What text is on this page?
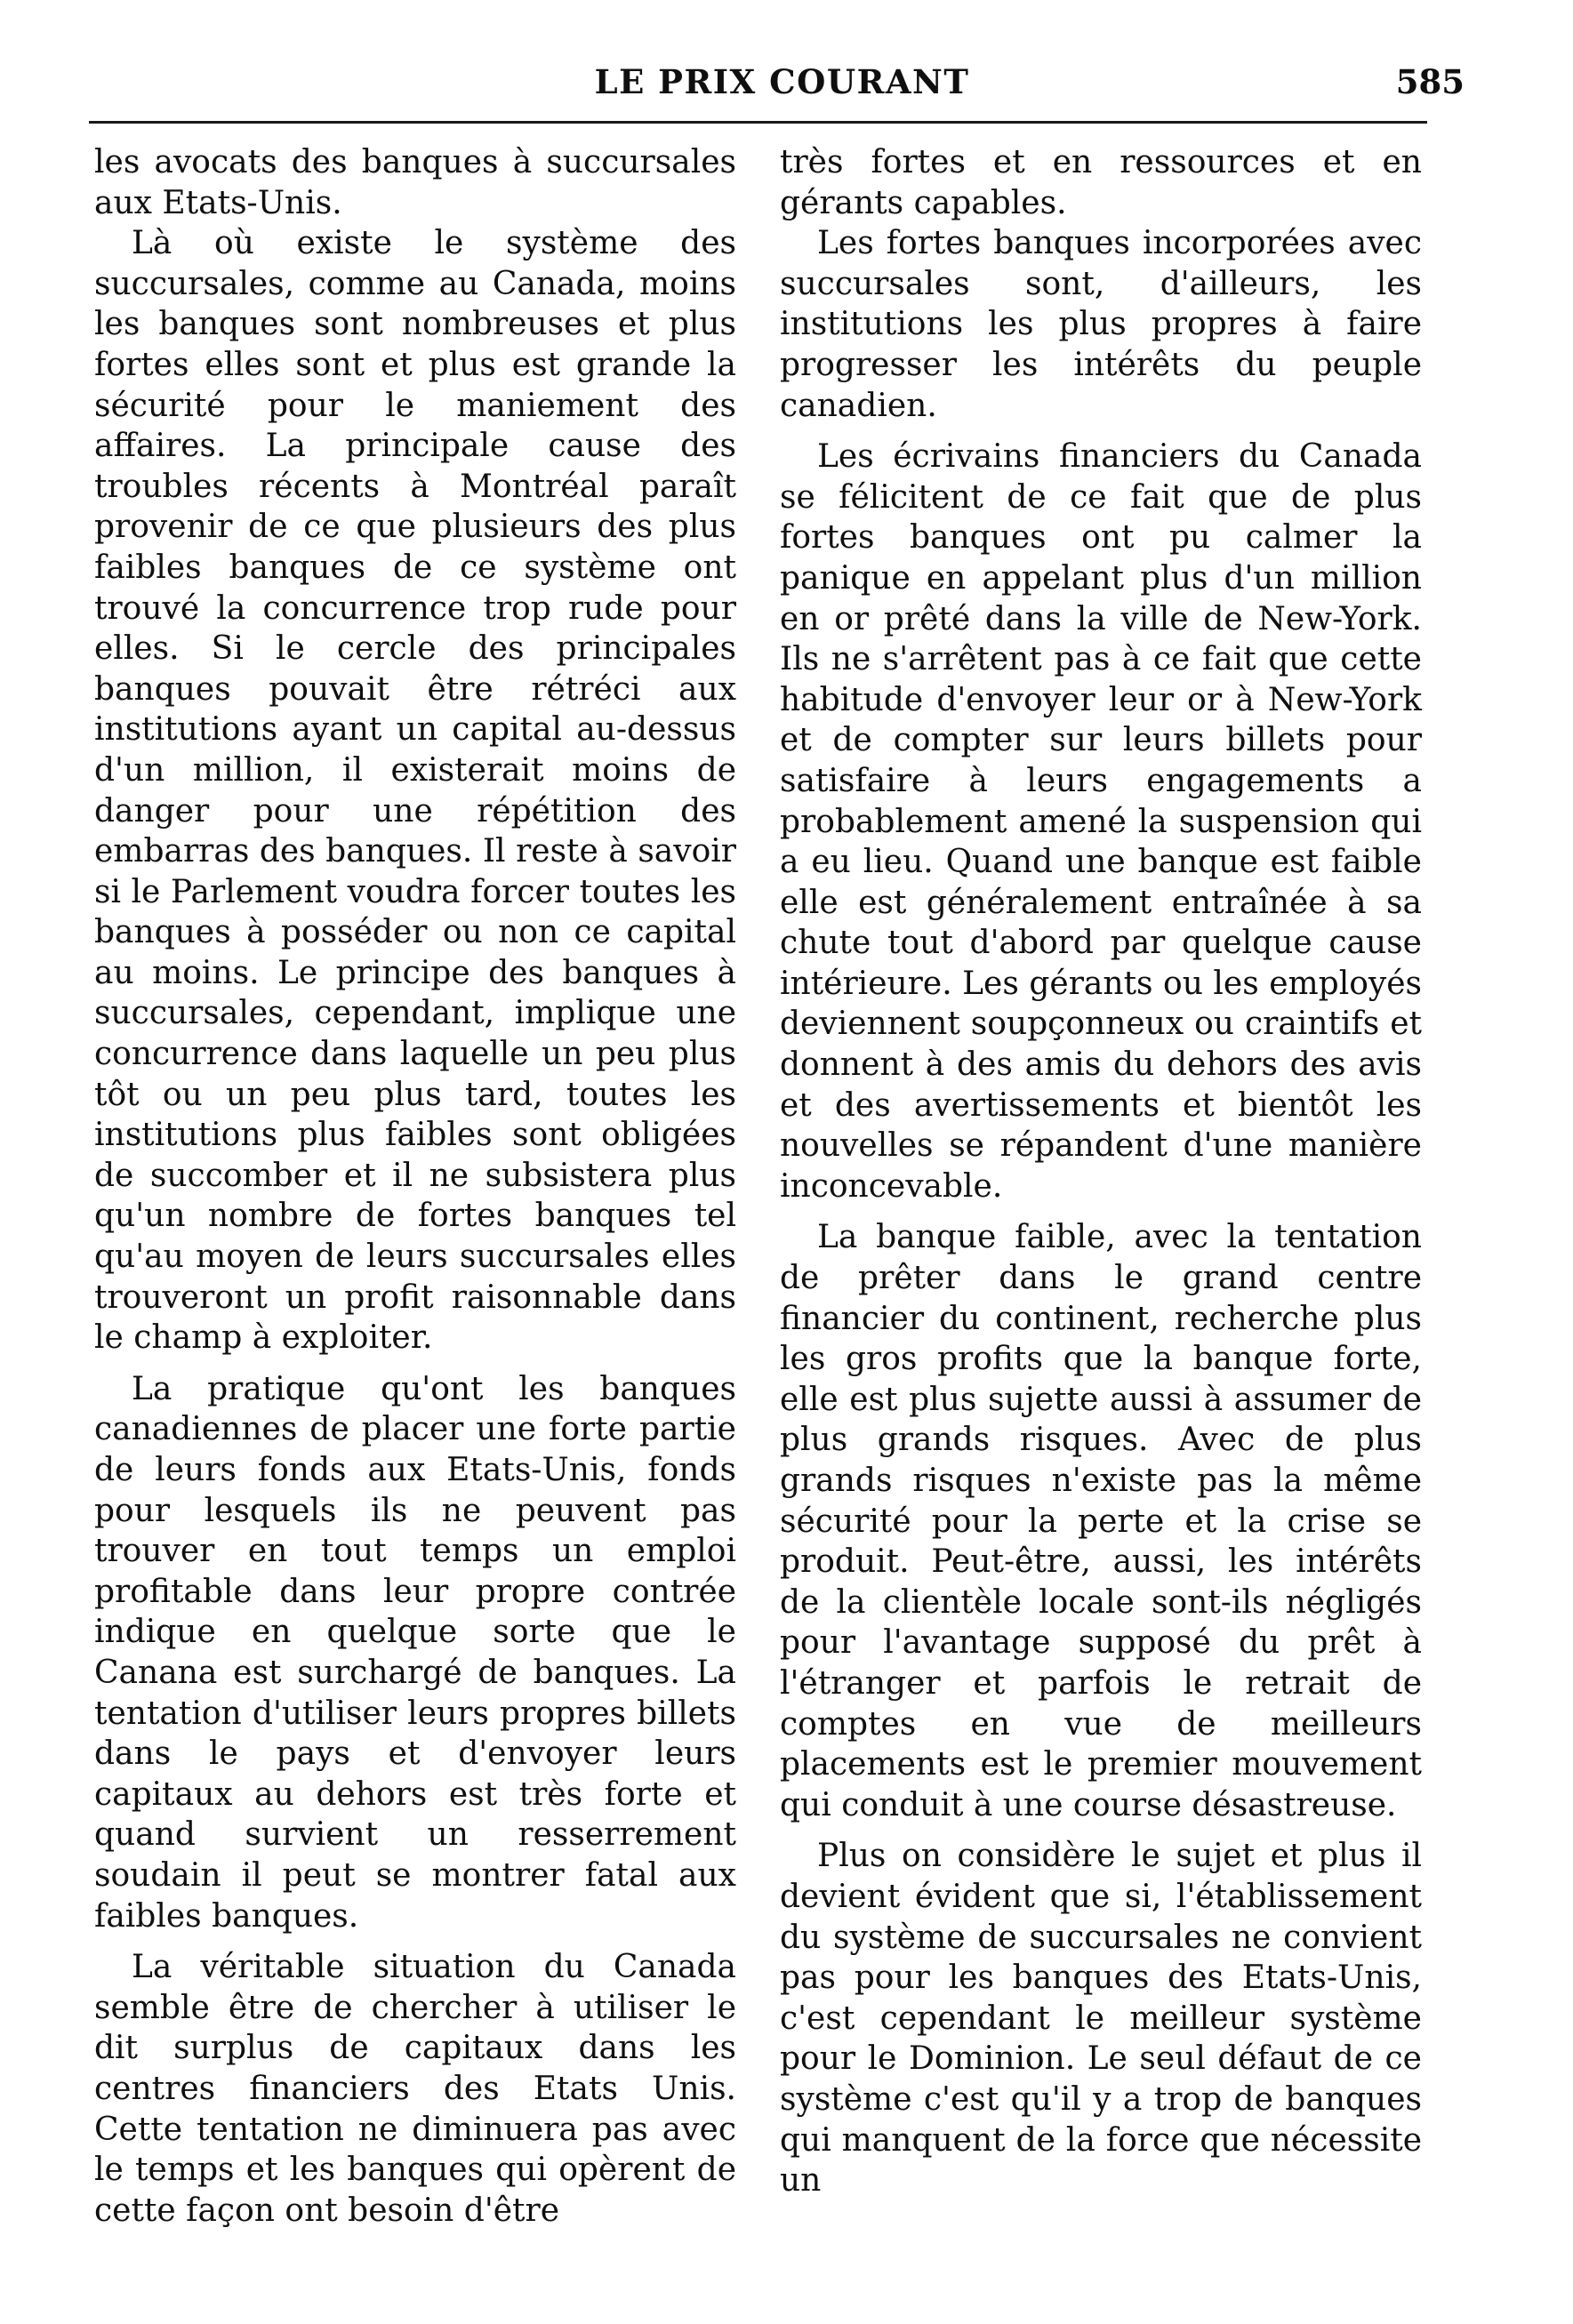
LE PRIX COURANT	585

les avocats des banques à succursales aux Etats-Unis.

Là où existe le système des succursales, comme au Canada, moins les banques sont nombreuses et plus fortes elles sont et plus est grande la sécurité pour le maniement des affaires. La principale cause des troubles récents à Montréal paraît provenir de ce que plusieurs des plus faibles banques de ce système ont trouvé la concurrence trop rude pour elles. Si le cercle des principales banques pouvait être rétréci aux institutions ayant un capital au-dessus d'un million, il existerait moins de danger pour une répétition des embarras des banques. Il reste à savoir si le Parlement voudra forcer toutes les banques à posséder ou non ce capital au moins. Le principe des banques à succursales, cependant, implique une concurrence dans laquelle un peu plus tôt ou un peu plus tard, toutes les institutions plus faibles sont obligées de succomber et il ne subsistera plus qu'un nombre de fortes banques tel qu'au moyen de leurs succursales elles trouveront un profit raisonnable dans le champ à exploiter.

La pratique qu'ont les banques canadiennes de placer une forte partie de leurs fonds aux Etats-Unis, fonds pour lesquels ils ne peuvent pas trouver en tout temps un emploi profitable dans leur propre contrée indique en quelque sorte que le Canana est surchargé de banques. La tentation d'utiliser leurs propres billets dans le pays et d'envoyer leurs capitaux au dehors est très forte et quand survient un resserrement soudain il peut se montrer fatal aux faibles banques.

La véritable situation du Canada semble être de chercher à utiliser le dit surplus de capitaux dans les centres financiers des Etats Unis. Cette tentation ne diminuera pas avec le temps et les banques qui opèrent de cette façon ont besoin d'être

très fortes et en ressources et en gérants capables.

Les fortes banques incorporées avec succursales sont, d'ailleurs, les institutions les plus propres à faire progresser les intérêts du peuple canadien.

Les écrivains financiers du Canada se félicitent de ce fait que de plus fortes banques ont pu calmer la panique en appelant plus d'un million en or prêté dans la ville de New-York. Ils ne s'arrêtent pas à ce fait que cette habitude d'envoyer leur or à New-York et de compter sur leurs billets pour satisfaire à leurs engagements a probablement amené la suspension qui a eu lieu. Quand une banque est faible elle est généralement entraînée à sa chute tout d'abord par quelque cause intérieure. Les gérants ou les employés deviennent soupçonneux ou craintifs et donnent à des amis du dehors des avis et des avertissements et bientôt les nouvelles se répandent d'une manière inconcevable.

La banque faible, avec la tentation de prêter dans le grand centre financier du continent, recherche plus les gros profits que la banque forte, elle est plus sujette aussi à assumer de plus grands risques. Avec de plus grands risques n'existe pas la même sécurité pour la perte et la crise se produit. Peut-être, aussi, les intérêts de la clientèle locale sont-ils négligés pour l'avantage supposé du prêt à l'étranger et parfois le retrait de comptes en vue de meilleurs placements est le premier mouvement qui conduit à une course désastreuse.

Plus on considère le sujet et plus il devient évident que si, l'établissement du système de succursales ne convient pas pour les banques des Etats-Unis, c'est cependant le meilleur système pour le Dominion. Le seul défaut de ce système c'est qu'il y a trop de banques qui manquent de la force que nécessite un
